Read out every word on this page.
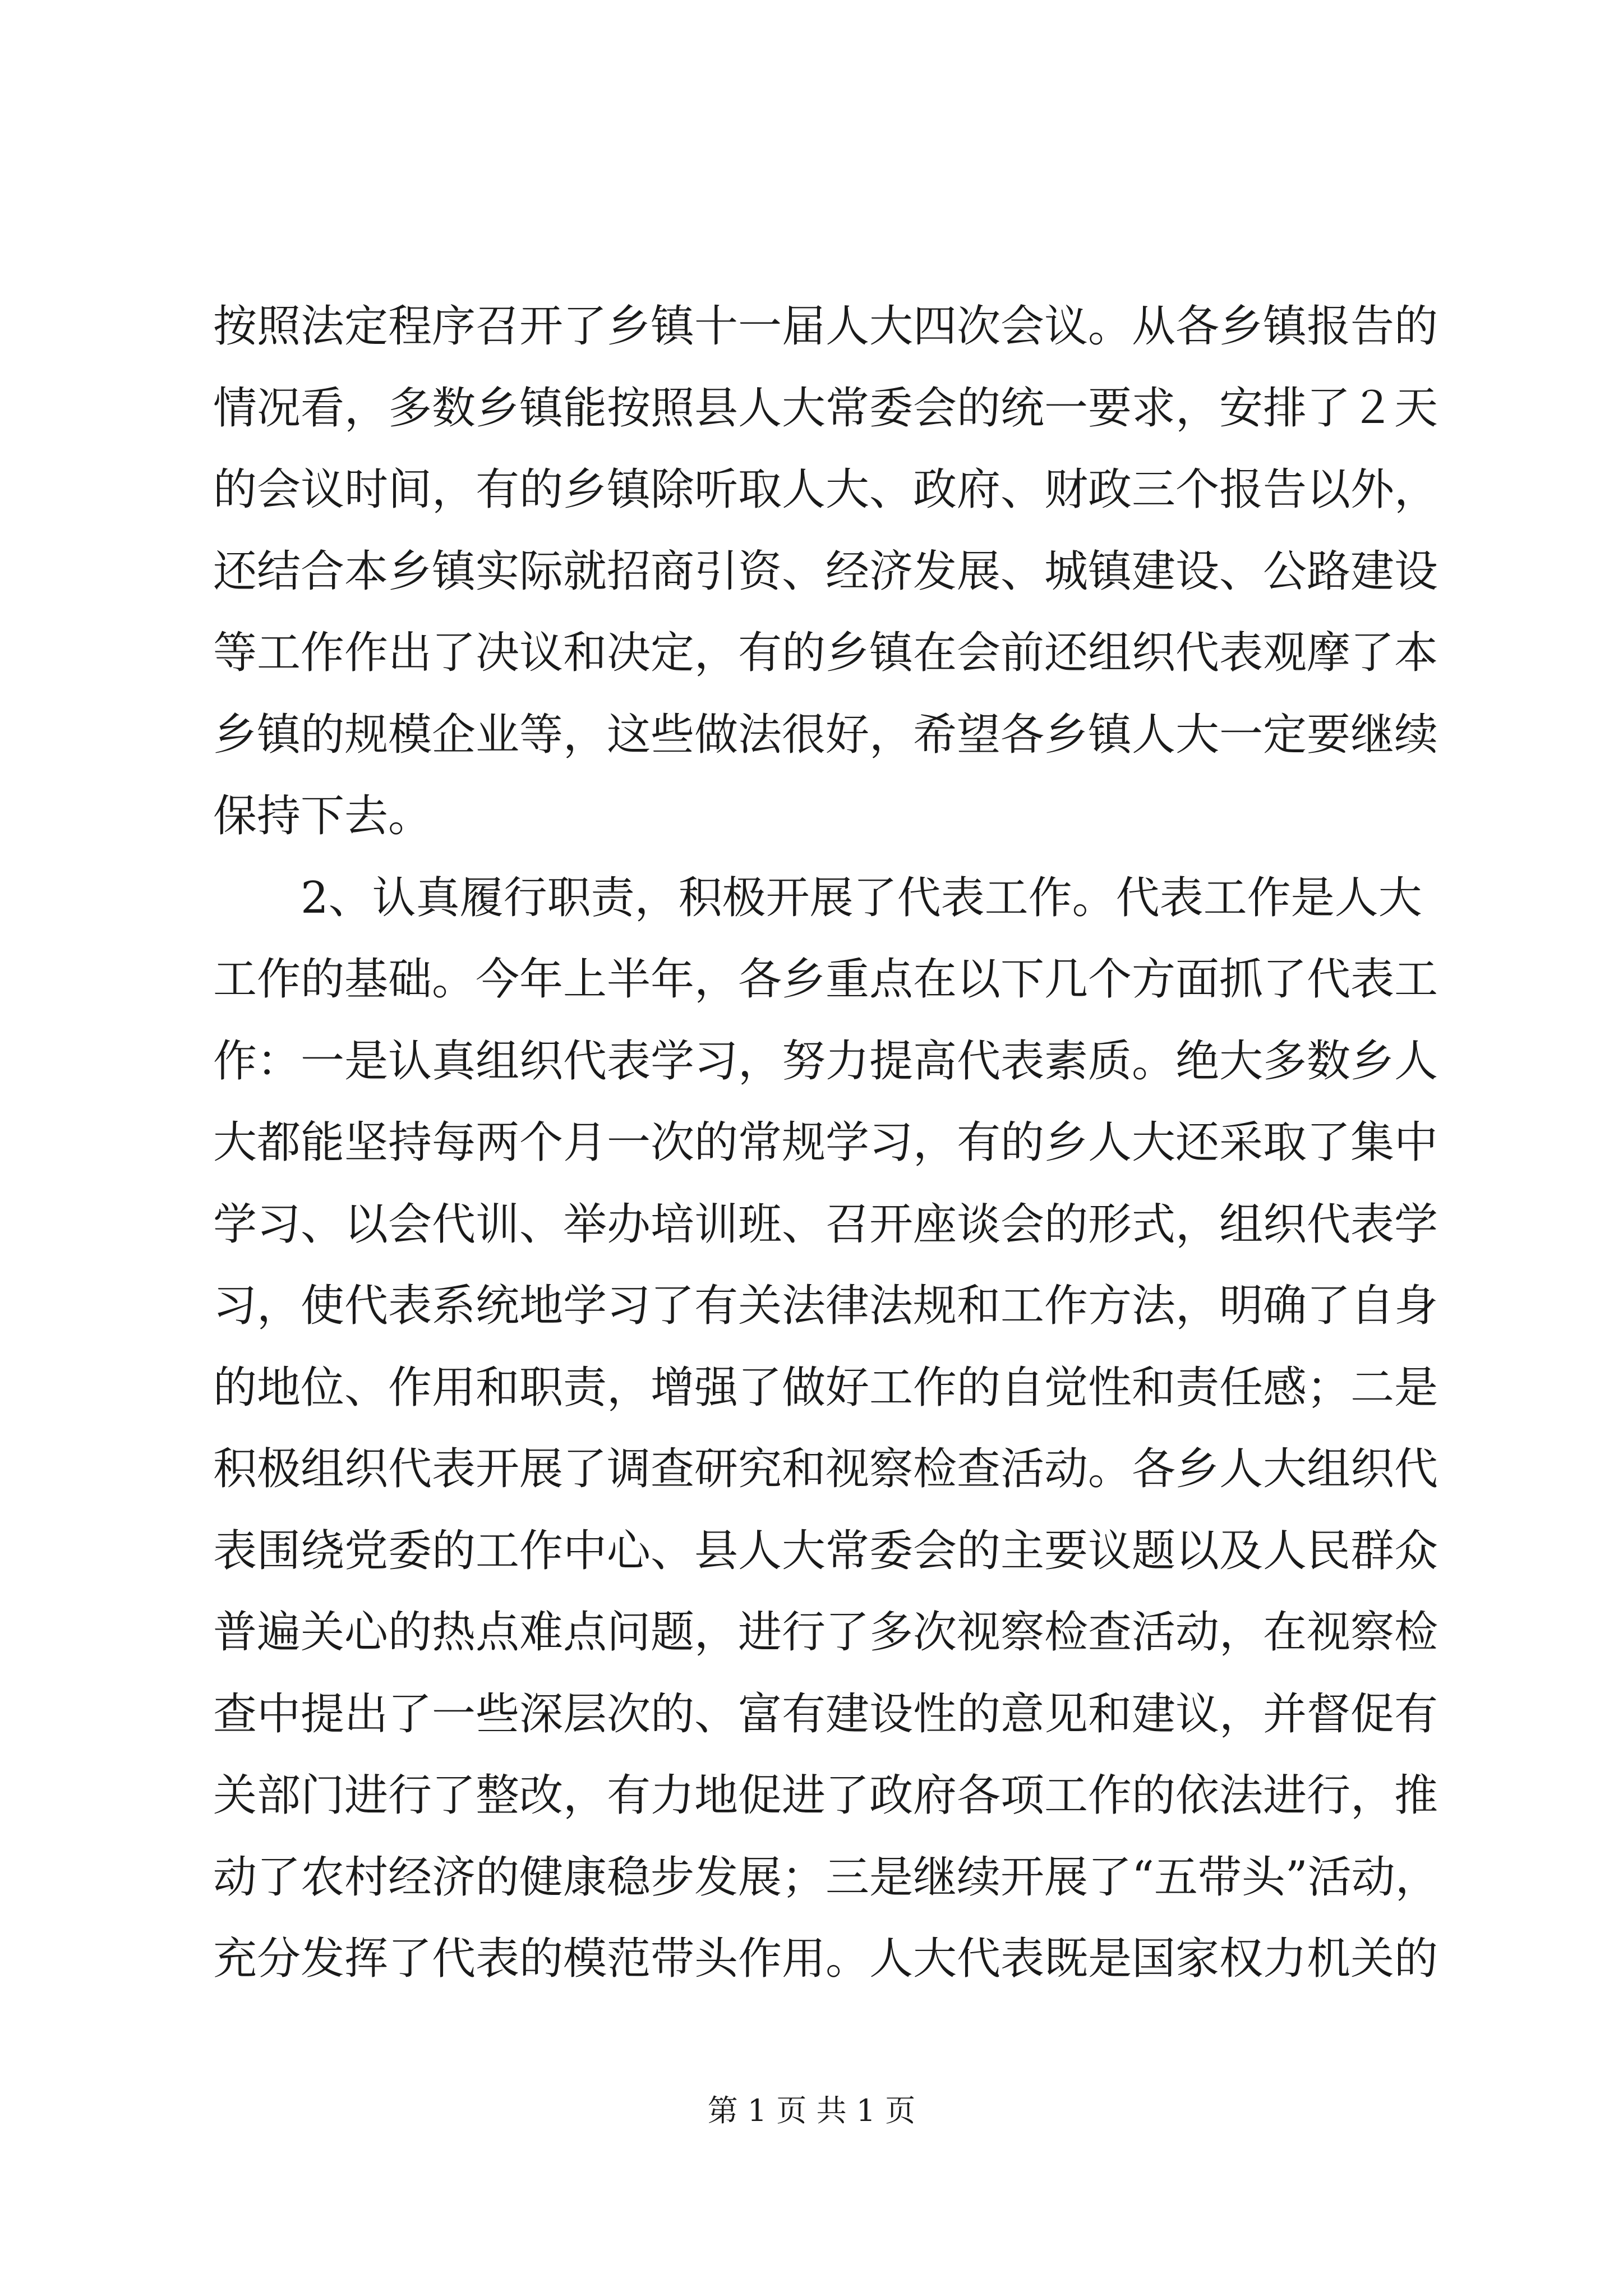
按照法定程序召开了乡镇十一届人大四次会议。从各乡镇报告的
情况看，多数乡镇能按照县人大常委会的统一要求，安排了２天
的会议时间，有的乡镇除听取人大、政府、财政三个报告以外，
还结合本乡镇实际就招商引资、经济发展、城镇建设、公路建设
等工作作出了决议和决定，有的乡镇在会前还组织代表观摩了本
乡镇的规模企业等，这些做法很好，希望各乡镇人大一定要继续
保持下去。
2、认真履行职责，积极开展了代表工作。代表工作是人大
工作的基础。今年上半年，各乡重点在以下几个方面抓了代表工
作：一是认真组织代表学习，努力提高代表素质。绝大多数乡人
大都能坚持每两个月一次的常规学习，有的乡人大还采取了集中
学习、以会代训、举办培训班、召开座谈会的形式，组织代表学
习，使代表系统地学习了有关法律法规和工作方法，明确了自身
的地位、作用和职责，增强了做好工作的自觉性和责任感；二是
积极组织代表开展了调查研究和视察检查活动。各乡人大组织代
表围绕党委的工作中心、县人大常委会的主要议题以及人民群众
普遍关心的热点难点问题，进行了多次视察检查活动，在视察检
查中提出了一些深层次的、富有建设性的意见和建议，并督促有
关部门进行了整改，有力地促进了政府各项工作的依法进行，推
动了农村经济的健康稳步发展；三是继续开展了“五带头”活动，
充分发挥了代表的模范带头作用。人大代表既是国家权力机关的
第 1 页 共 1 页
